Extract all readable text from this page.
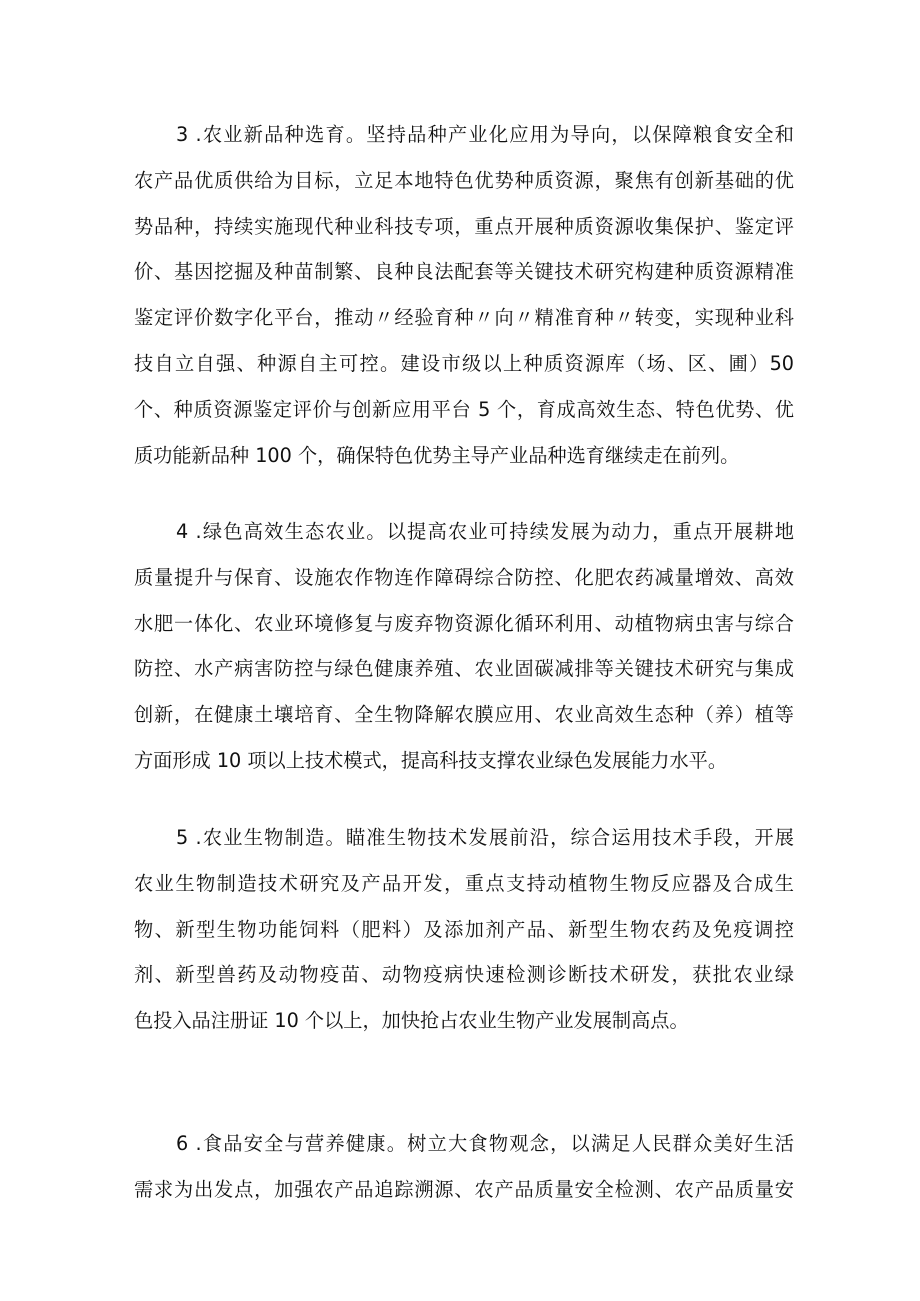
3 .农业新品种选育。坚持品种产业化应用为导向，以保障粮食安全和
农产品优质供给为目标，立足本地特色优势种质资源，聚焦有创新基础的优
势品种，持续实施现代种业科技专项，重点开展种质资源收集保护、鉴定评
价、基因挖掘及种苗制繁、良种良法配套等关键技术研究构建种质资源精准
鉴定评价数字化平台，推动〃经验育种〃向〃精准育种〃转变，实现种业科
技自立自强、种源自主可控。建设市级以上种质资源库（场、区、圃）50
个、种质资源鉴定评价与创新应用平台 5 个，育成高效生态、特色优势、优
质功能新品种 100 个，确保特色优势主导产业品种选育继续走在前列。
4 .绿色高效生态农业。以提高农业可持续发展为动力，重点开展耕地
质量提升与保育、设施农作物连作障碍综合防控、化肥农药减量增效、高效
水肥一体化、农业环境修复与废弃物资源化循环利用、动植物病虫害与综合
防控、水产病害防控与绿色健康养殖、农业固碳减排等关键技术研究与集成
创新，在健康土壤培育、全生物降解农膜应用、农业高效生态种（养）植等
方面形成 10 项以上技术模式，提高科技支撑农业绿色发展能力水平。
5 .农业生物制造。瞄准生物技术发展前沿，综合运用技术手段，开展
农业生物制造技术研究及产品开发，重点支持动植物生物反应器及合成生
物、新型生物功能饲料（肥料）及添加剂产品、新型生物农药及免疫调控
剂、新型兽药及动物疫苗、动物疫病快速检测诊断技术研发，获批农业绿
色投入品注册证 10 个以上，加快抢占农业生物产业发展制高点。
6 .食品安全与营养健康。树立大食物观念，以满足人民群众美好生活
需求为出发点，加强农产品追踪溯源、农产品质量安全检测、农产品质量安
